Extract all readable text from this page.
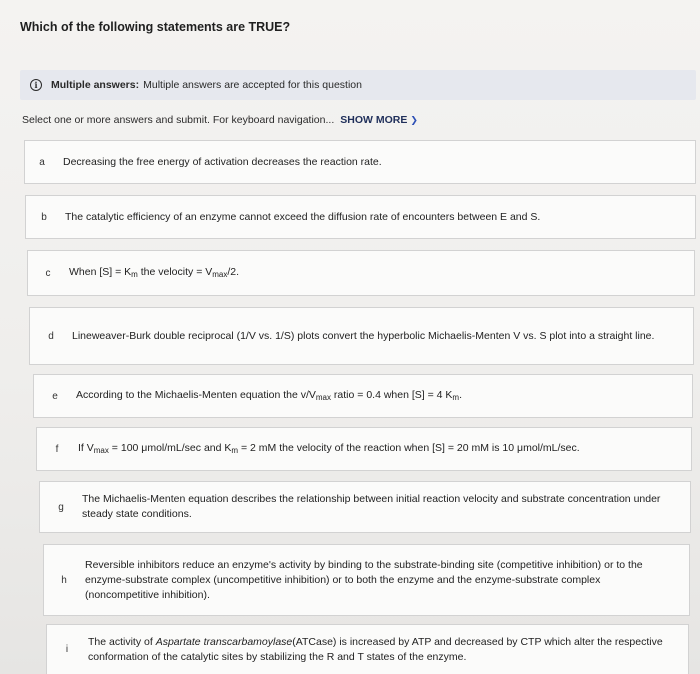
Which of the following statements are TRUE?
i	Multiple answers: Multiple answers are accepted for this question
Select one or more answers and submit. For keyboard navigation... SHOW MORE ❯
a	Decreasing the free energy of activation decreases the reaction rate.
b	The catalytic efficiency of an enzyme cannot exceed the diffusion rate of encounters between E and S.
c	When $[S] = K_m$ the velocity = $V_{max}/2$.
d	Lineweaver-Burk double reciprocal (1/V vs. 1/S) plots convert the hyperbolic Michaelis-Menten V vs. S plot into a straight line.
e	According to the Michaelis-Menten equation the $v/V_{max}$ ratio = 0.4 when [S] = 4 $K_m$.
f	If $V_{max} = 100$ μmol/mL/sec and $K_m = 2$ mM the velocity of the reaction when [S] = 20 mM is 10 μmol/mL/sec.
g
The Michaelis-Menten equation describes the relationship between initial reaction velocity and substrate concentration under steady state conditions.
h
Reversible inhibitors reduce an enzyme's activity by binding to the substrate-binding site (competitive inhibition) or to the enzyme-substrate complex (uncompetitive inhibition) or to both the enzyme and the enzyme-substrate complex (noncompetitive inhibition).
i
The activity of Aspartate transcarbamoylase(ATCase) is increased by ATP and decreased by CTP which alter the respective conformation of the catalytic sites by stabilizing the R and T states of the enzyme.
